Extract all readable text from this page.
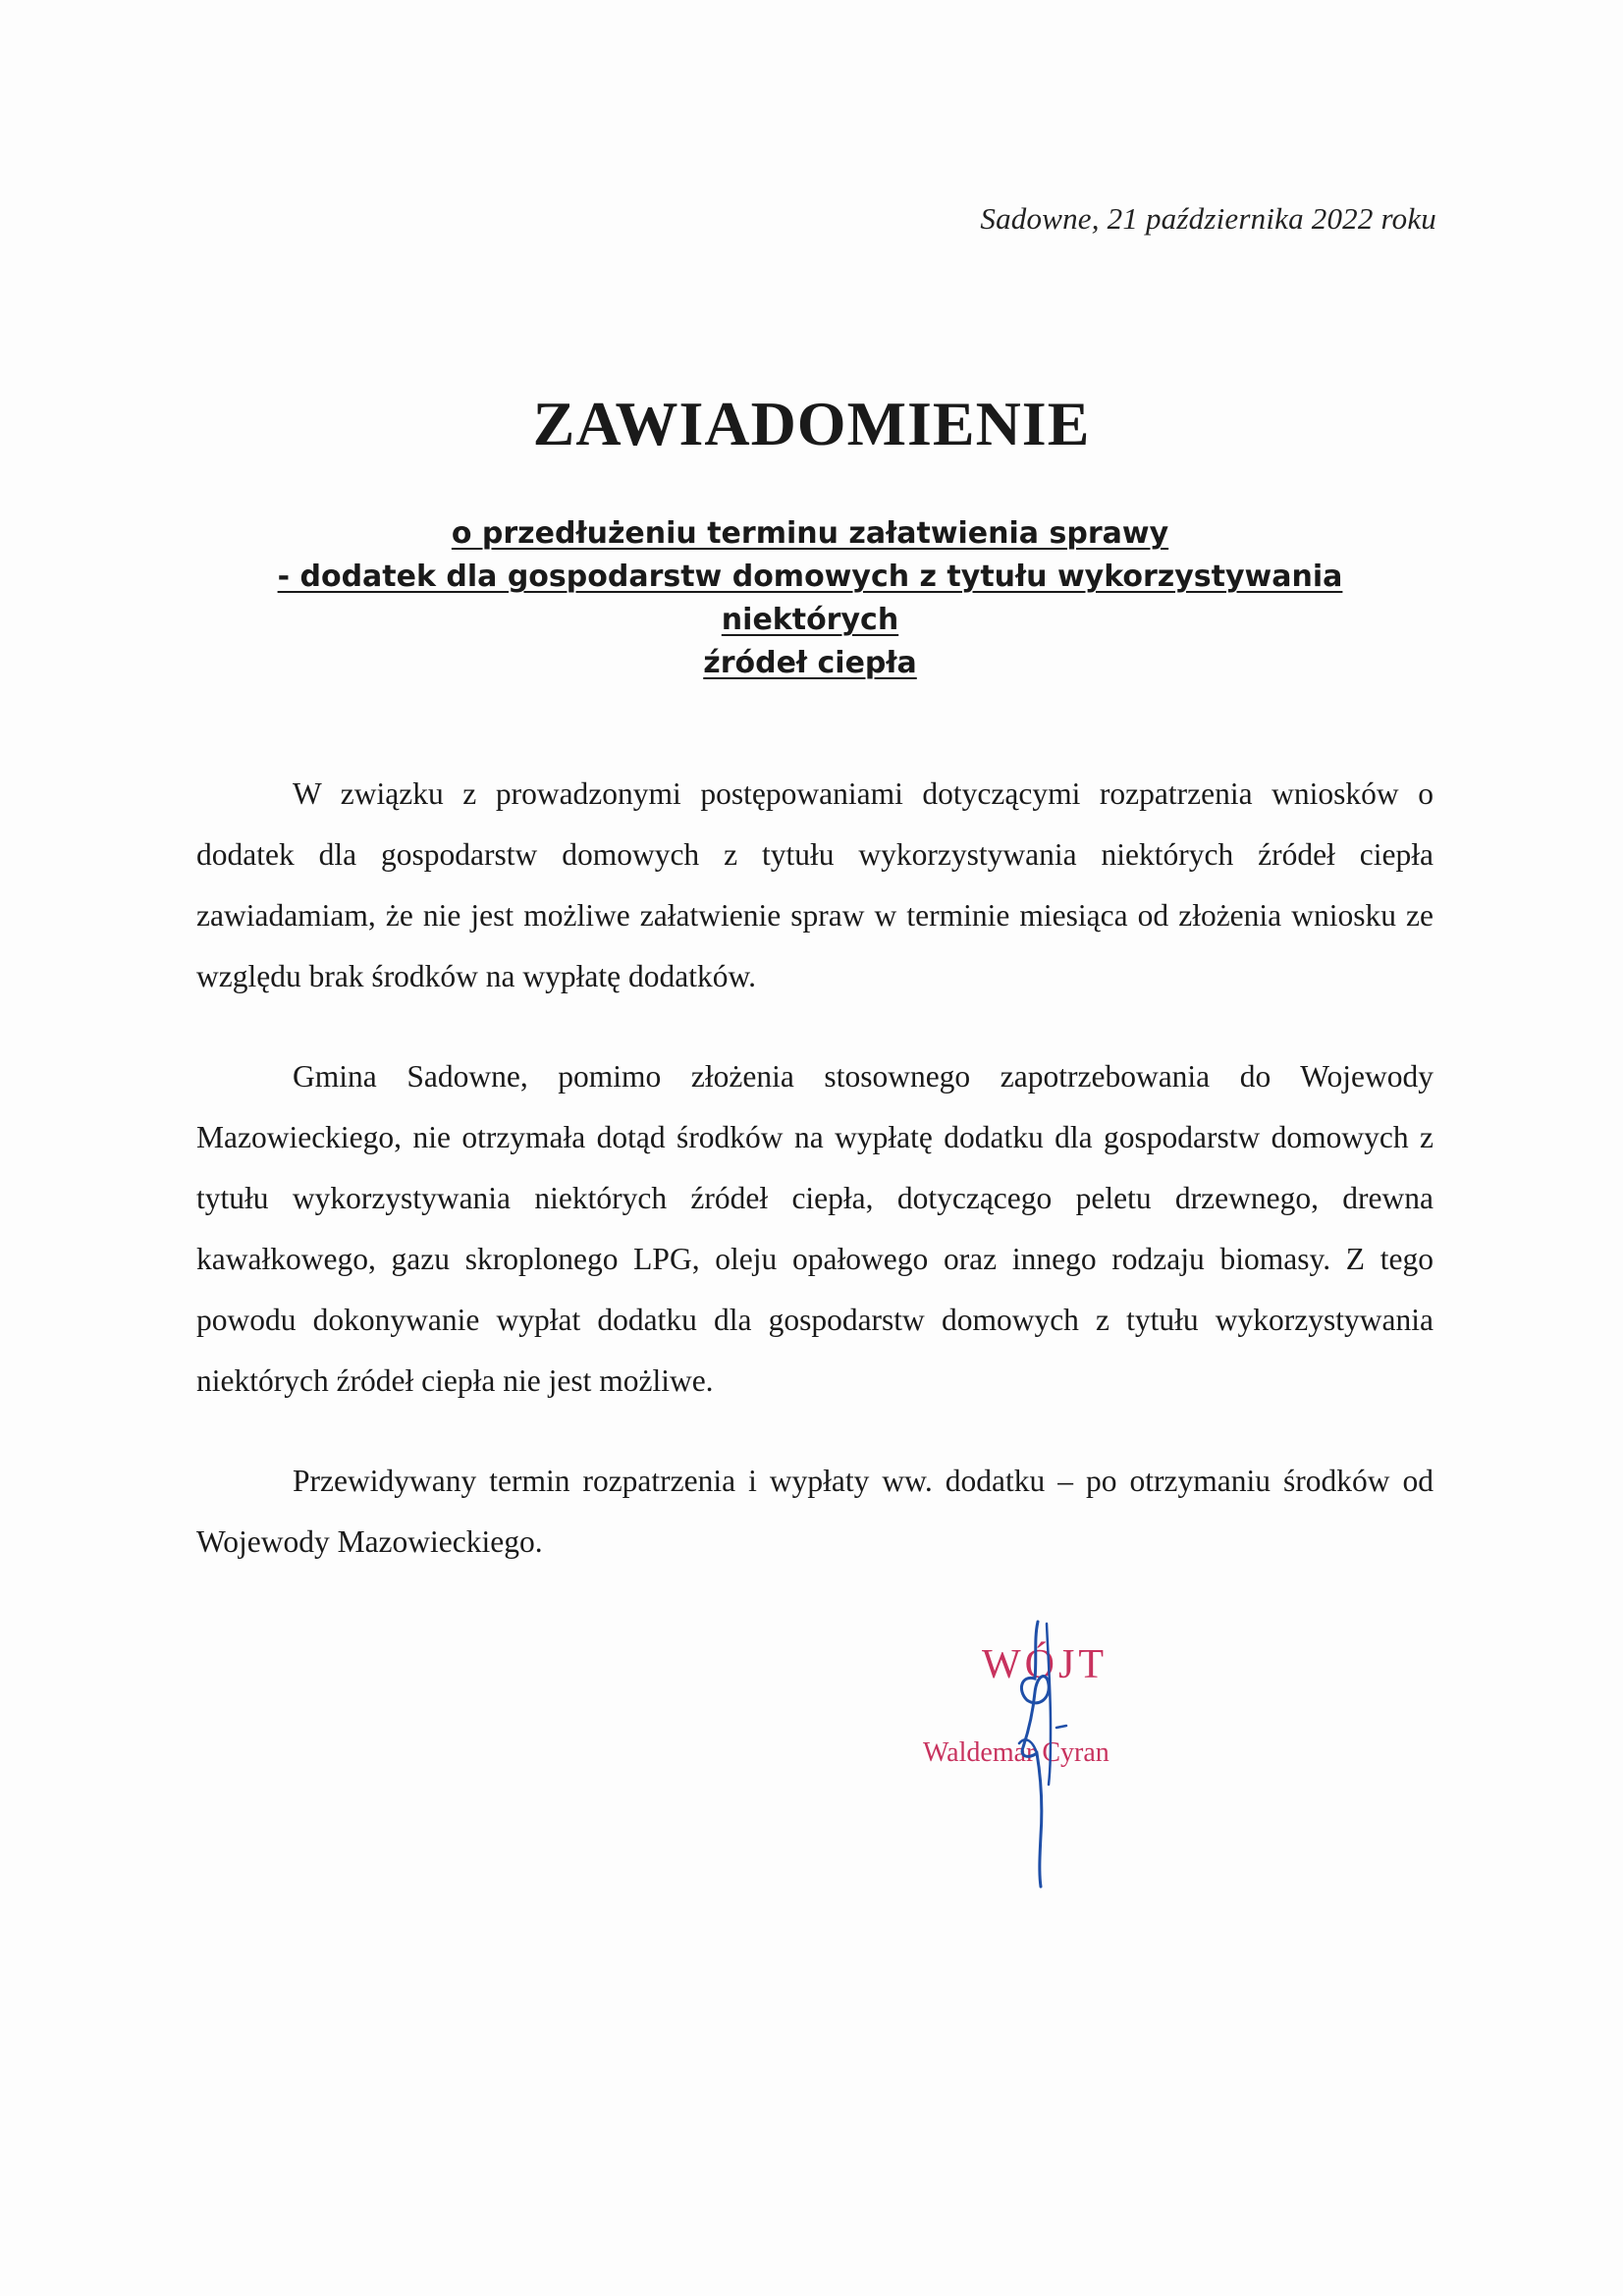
Sadowne, 21 października 2022 roku
ZAWIADOMIENIE
o przedłużeniu terminu załatwienia sprawy
- dodatek dla gospodarstw domowych z tytułu wykorzystywania niektórych
źródeł ciepła

W związku z prowadzonymi postępowaniami dotyczącymi rozpatrzenia wniosków o dodatek dla gospodarstw domowych z tytułu wykorzystywania niektórych źródeł ciepła zawiadamiam, że nie jest możliwe załatwienie spraw w terminie miesiąca od złożenia wniosku ze względu brak środków na wypłatę dodatków.

Gmina Sadowne, pomimo złożenia stosownego zapotrzebowania do Wojewody Mazowieckiego, nie otrzymała dotąd środków na wypłatę dodatku dla gospodarstw domowych z tytułu wykorzystywania niektórych źródeł ciepła, dotyczącego peletu drzewnego, drewna kawałkowego, gazu skroplonego LPG, oleju opałowego oraz innego rodzaju biomasy. Z tego powodu dokonywanie wypłat dodatku dla gospodarstw domowych z tytułu wykorzystywania niektórych źródeł ciepła nie jest możliwe.

Przewidywany termin rozpatrzenia i wypłaty ww. dodatku – po otrzymaniu środków od Wojewody Mazowieckiego.

WÓJT
Waldemar Cyran
